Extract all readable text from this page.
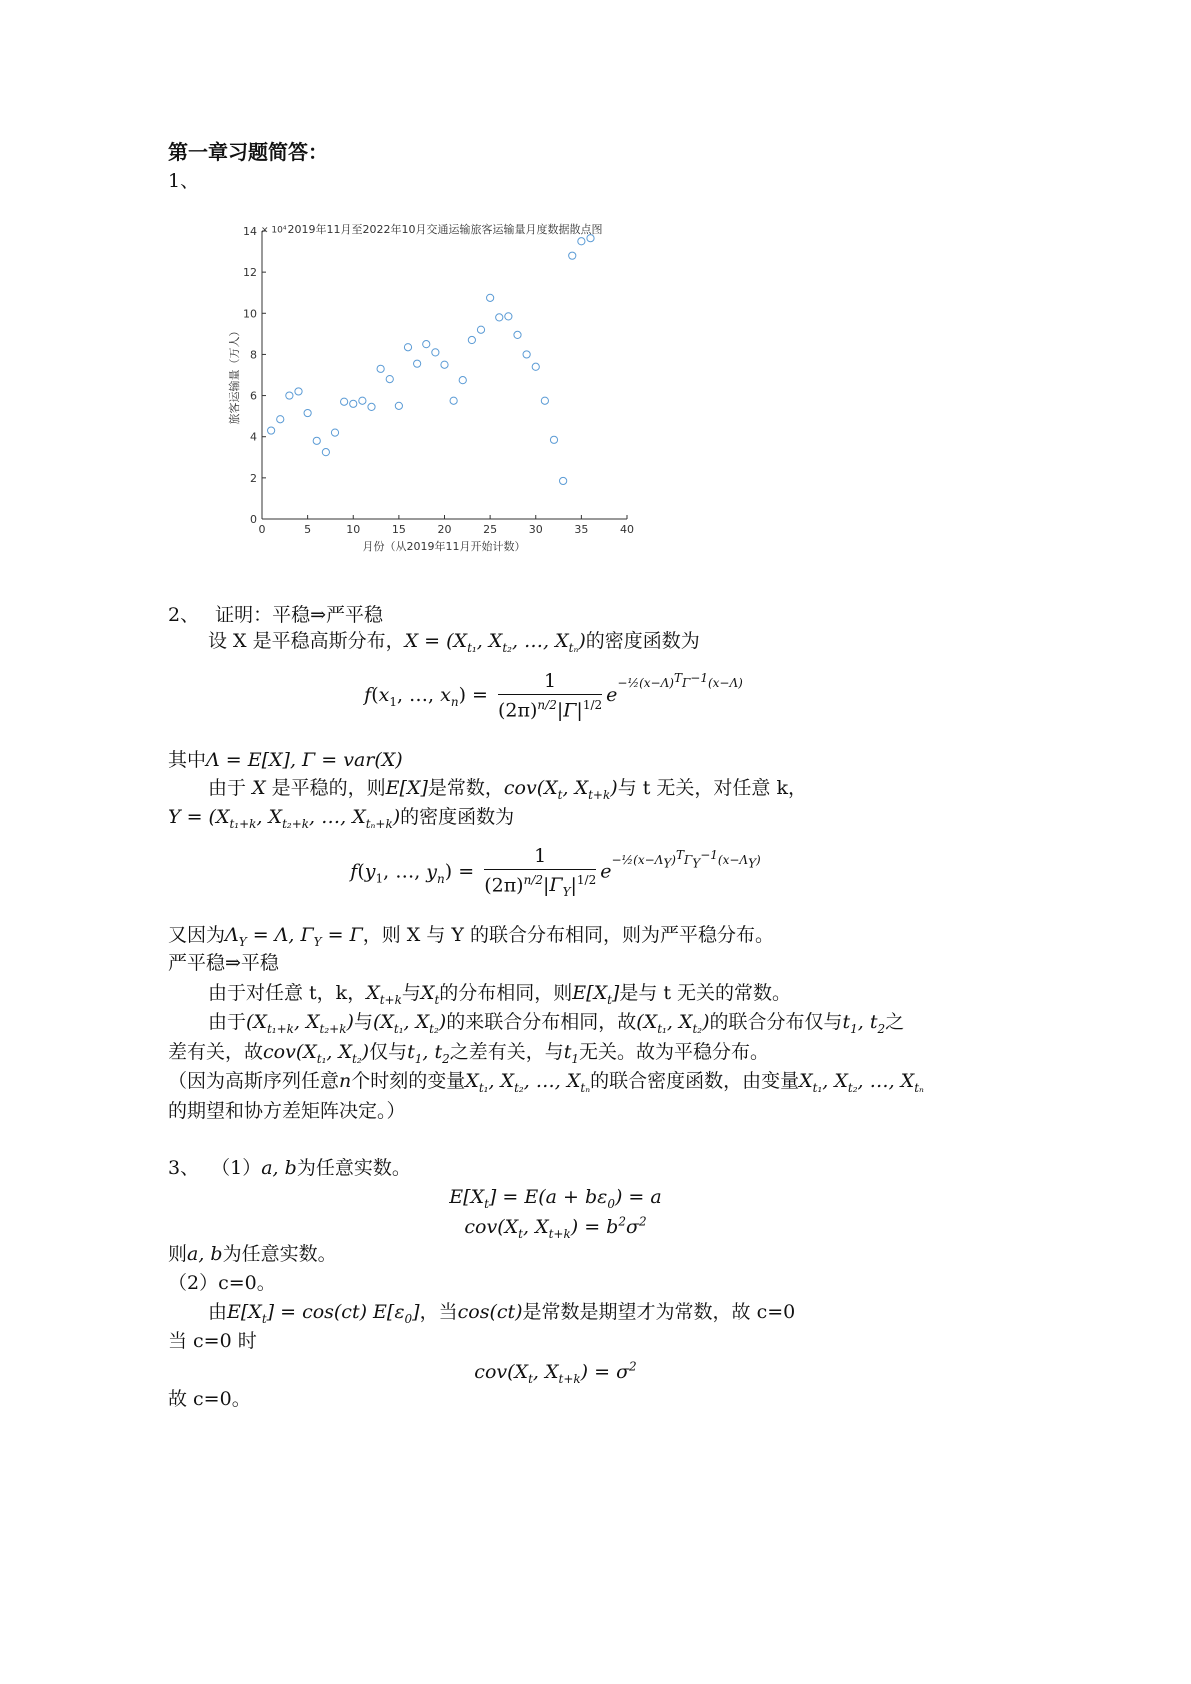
第一章习题简答：
1、
2019年11月至2022年10月交通运输旅客运输量月度数据散点图
× 10⁴
旅客运输量（万人）
月份（从2019年11月开始计数）
0	5	10	15	20	25	30	35	40
0
2
4
6
8
10
12
14
2、 证明：平稳⇒严平稳
设 X 是平稳高斯分布，$X = (X_{t_1}$, $X_{t_2}$, …, $X_{t_n}$)的密度函数为
$f(x_1$, …, $x_n) = \frac{1}{(2\pi)^{n/2}|\Gamma|^{1/2}} e^{-\frac{1}{2}(x-\Lambda)^T\Gamma^{-1}(x-\Lambda)}$
其中Λ = E[X], Γ = var(X)
由于 X 是平稳的，则E[X]是常数，$cov(X_t$, $X_{t+k}$)与 t 无关，对任意 k，
$Y = (X_{t_1+k}$, $X_{t_2+k}$, …, $X_{t_n+k}$)的密度函数为
$f(y_1$, …, $y_n) = \frac{1}{(2\pi)^{n/2}|\Gamma_Y|^{1/2}} e^{-\frac{1}{2}(x-\Lambda_Y)^T\Gamma_Y^{-1}(x-\Lambda_Y)}$
又因为$\Lambda_Y = \Lambda$, $\Gamma_Y = \Gamma$，则 X 与 Y 的联合分布相同，则为严平稳分布。
严平稳⇒平稳
由于对任意 t，k，$X_{t+k}$与$X_t$的分布相同，则$E[X_t]$是与 t 无关的常数。
由于($X_{t_1+k}$, $X_{t_2+k}$)与($X_{t_1}$, $X_{t_2}$)的来联合分布相同，故($X_{t_1}$, $X_{t_2}$)的联合分布仅与$t_1$, $t_2$之
差有关，故$cov(X_{t_1}$, $X_{t_2}$)仅与$t_1$, $t_2$之差有关，与$t_1$无关。故为平稳分布。
（因为高斯序列任意n个时刻的变量$X_{t_1}$, $X_{t_2}$, …, $X_{t_n}$的联合密度函数，由变量$X_{t_1}$, $X_{t_2}$, …, $X_{t_n}$
的期望和协方差矩阵决定。）
3、 （1）a, b为任意实数。
$E[X_t] = E(a + b\varepsilon_0) = a$
$cov(X_t$, $X_{t+k}) = b^2\sigma^2$
则a, b为任意实数。
（2）c=0。
由$E[X_t] = \cos(ct)$ $E[\varepsilon_0]$，当cos(ct)是常数是期望才为常数，故 c=0
当 c=0 时
$cov(X_t$, $X_{t+k}) = \sigma^2$
故 c=0。
